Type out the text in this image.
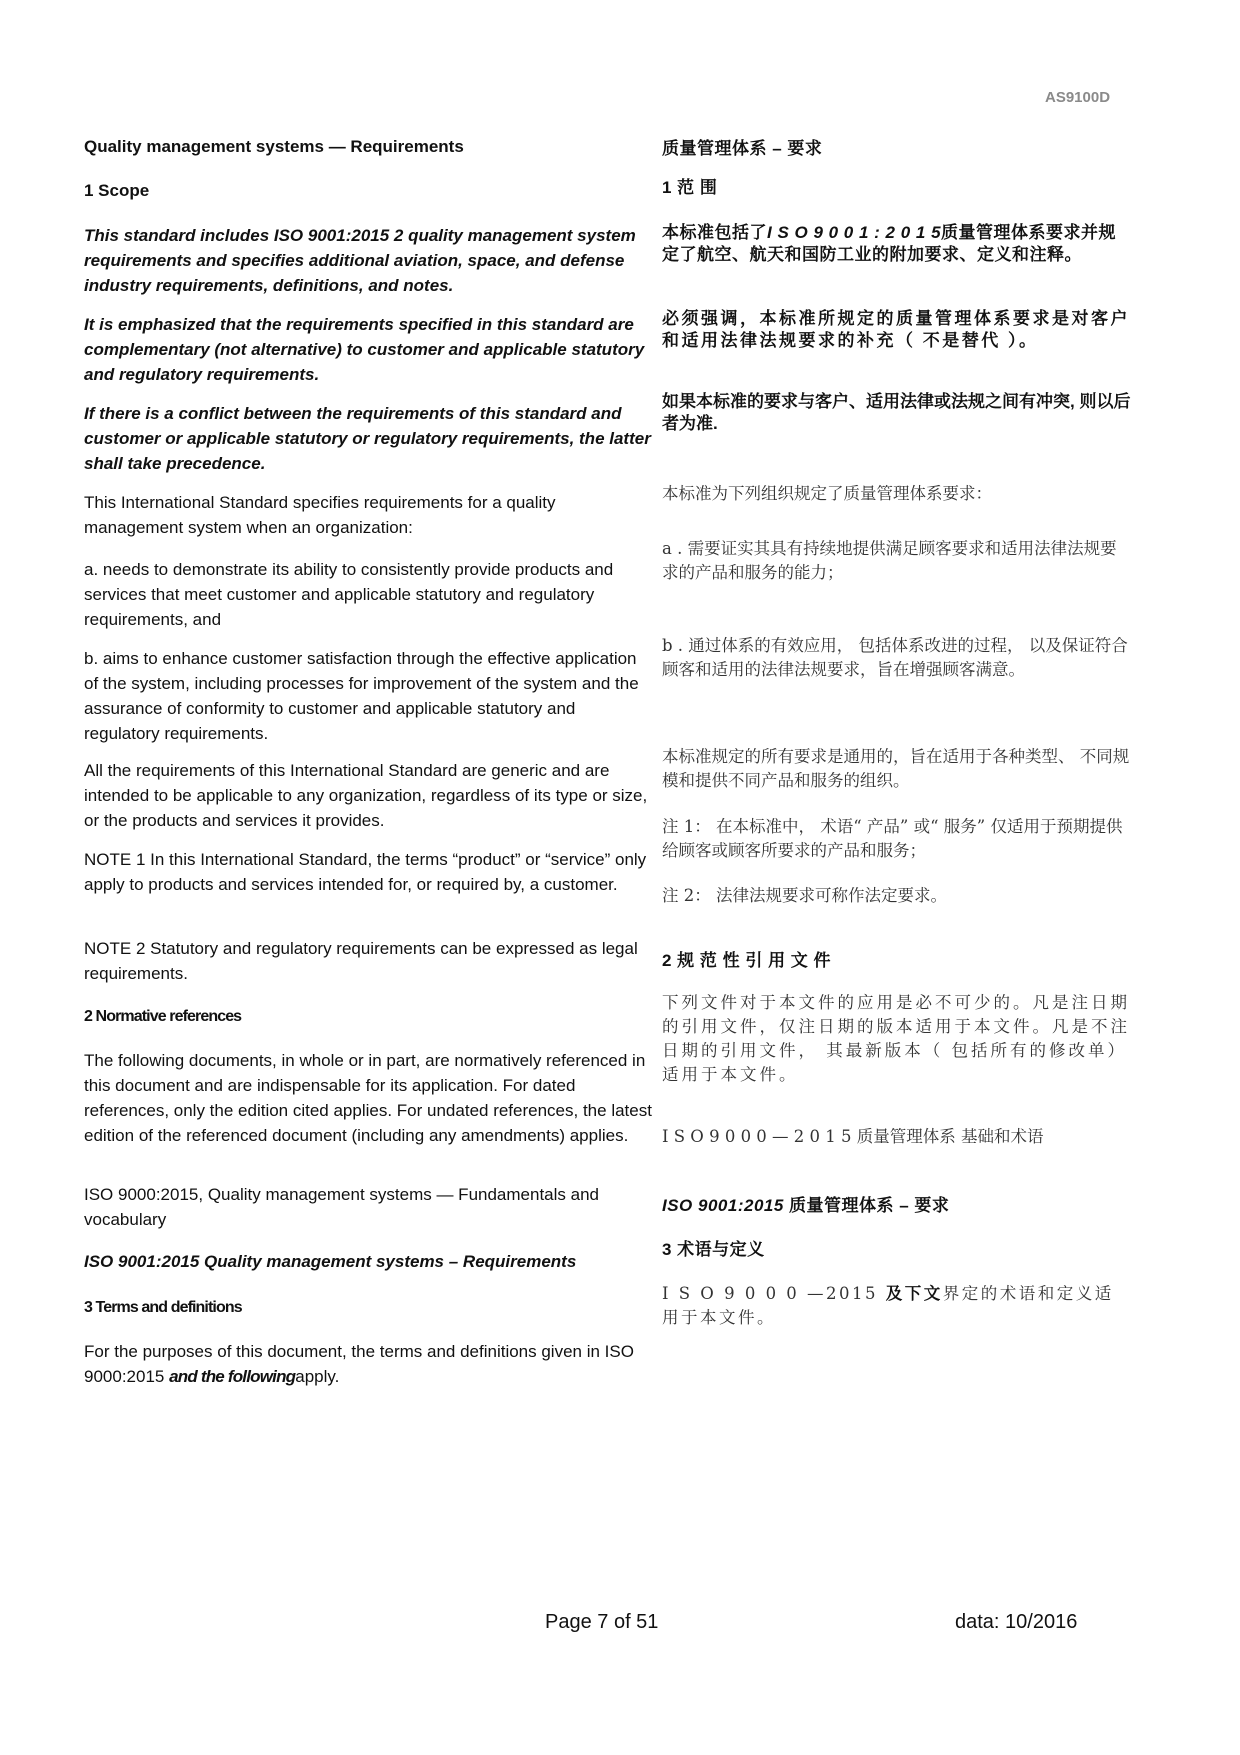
AS9100D
Quality management systems — Requirements
1 Scope
This standard includes ISO 9001:2015 2 quality management system requirements and specifies additional aviation, space, and defense industry requirements, definitions, and notes.
It is emphasized that the requirements specified in this standard are complementary (not alternative) to customer and applicable statutory and regulatory requirements.
If there is a conflict between the requirements of this standard and customer or applicable statutory or regulatory requirements, the latter shall take precedence.
This International Standard specifies requirements for a quality management system when an organization:
a. needs to demonstrate its ability to consistently provide products and services that meet customer and applicable statutory and regulatory requirements, and
b. aims to enhance customer satisfaction through the effective application of the system, including processes for improvement of the system and the assurance of conformity to customer and applicable statutory and regulatory requirements.
All the requirements of this International Standard are generic and are intended to be applicable to any organization, regardless of its type or size, or the products and services it provides.
NOTE 1 In this International Standard, the terms “product” or “service” only apply to products and services intended for, or required by, a customer.
NOTE 2 Statutory and regulatory requirements can be expressed as legal requirements.
2 Normative references
The following documents, in whole or in part, are normatively referenced in this document and are indispensable for its application. For dated references, only the edition cited applies. For undated references, the latest edition of the referenced document (including any amendments) applies.
ISO 9000:2015, Quality management systems — Fundamentals and vocabulary
ISO 9001:2015 Quality management systems – Requirements
3 Terms and definitions
For the purposes of this document, the terms and definitions given in ISO 9000:2015 and the followingapply.
质量管理体系 – 要求
1 范 围
本标准包括了I S O 9 0 0 1 : 2 0 1 5质量管理体系要求并规定了航空、航天和国防工业的附加要求、定义和注释。
必须强调，本标准所规定的质量管理体系要求是对客户和适用法律法规要求的补充（ 不是替代 ）。
如果本标准的要求与客户、适用法律或法规之间有冲突, 则以后者为准.
本标准为下列组织规定了质量管理体系要求：
a . 需要证实其具有持续地提供满足顾客要求和适用法律法规要求的产品和服务的能力；
b . 通过体系的有效应用， 包括体系改进的过程， 以及保证符合顾客和适用的法律法规要求，旨在增强顾客满意。
本标准规定的所有要求是通用的，旨在适用于各种类型、 不同规模和提供不同产品和服务的组织。
注 1： 在本标准中， 术语“ 产品” 或“ 服务” 仅适用于预期提供给顾客或顾客所要求的产品和服务；
注 2： 法律法规要求可称作法定要求。
2 规 范 性 引 用 文 件
下列文件对于本文件的应用是必不可少的。凡是注日期的引用文件，仅注日期的版本适用于本文件。凡是不注日期的引用文件， 其最新版本（ 包括所有的修改单） 适用于本文件。
I S O 9 0 0 0 — 2 0 1 5 质量管理体系 基础和术语
ISO 9001:2015 质量管理体系 – 要求
3 术语与定义
I S O 9 0 0 0 —2015 及下文界定的术语和定义适用于本文件。
Page 7 of 51	data: 10/2016
